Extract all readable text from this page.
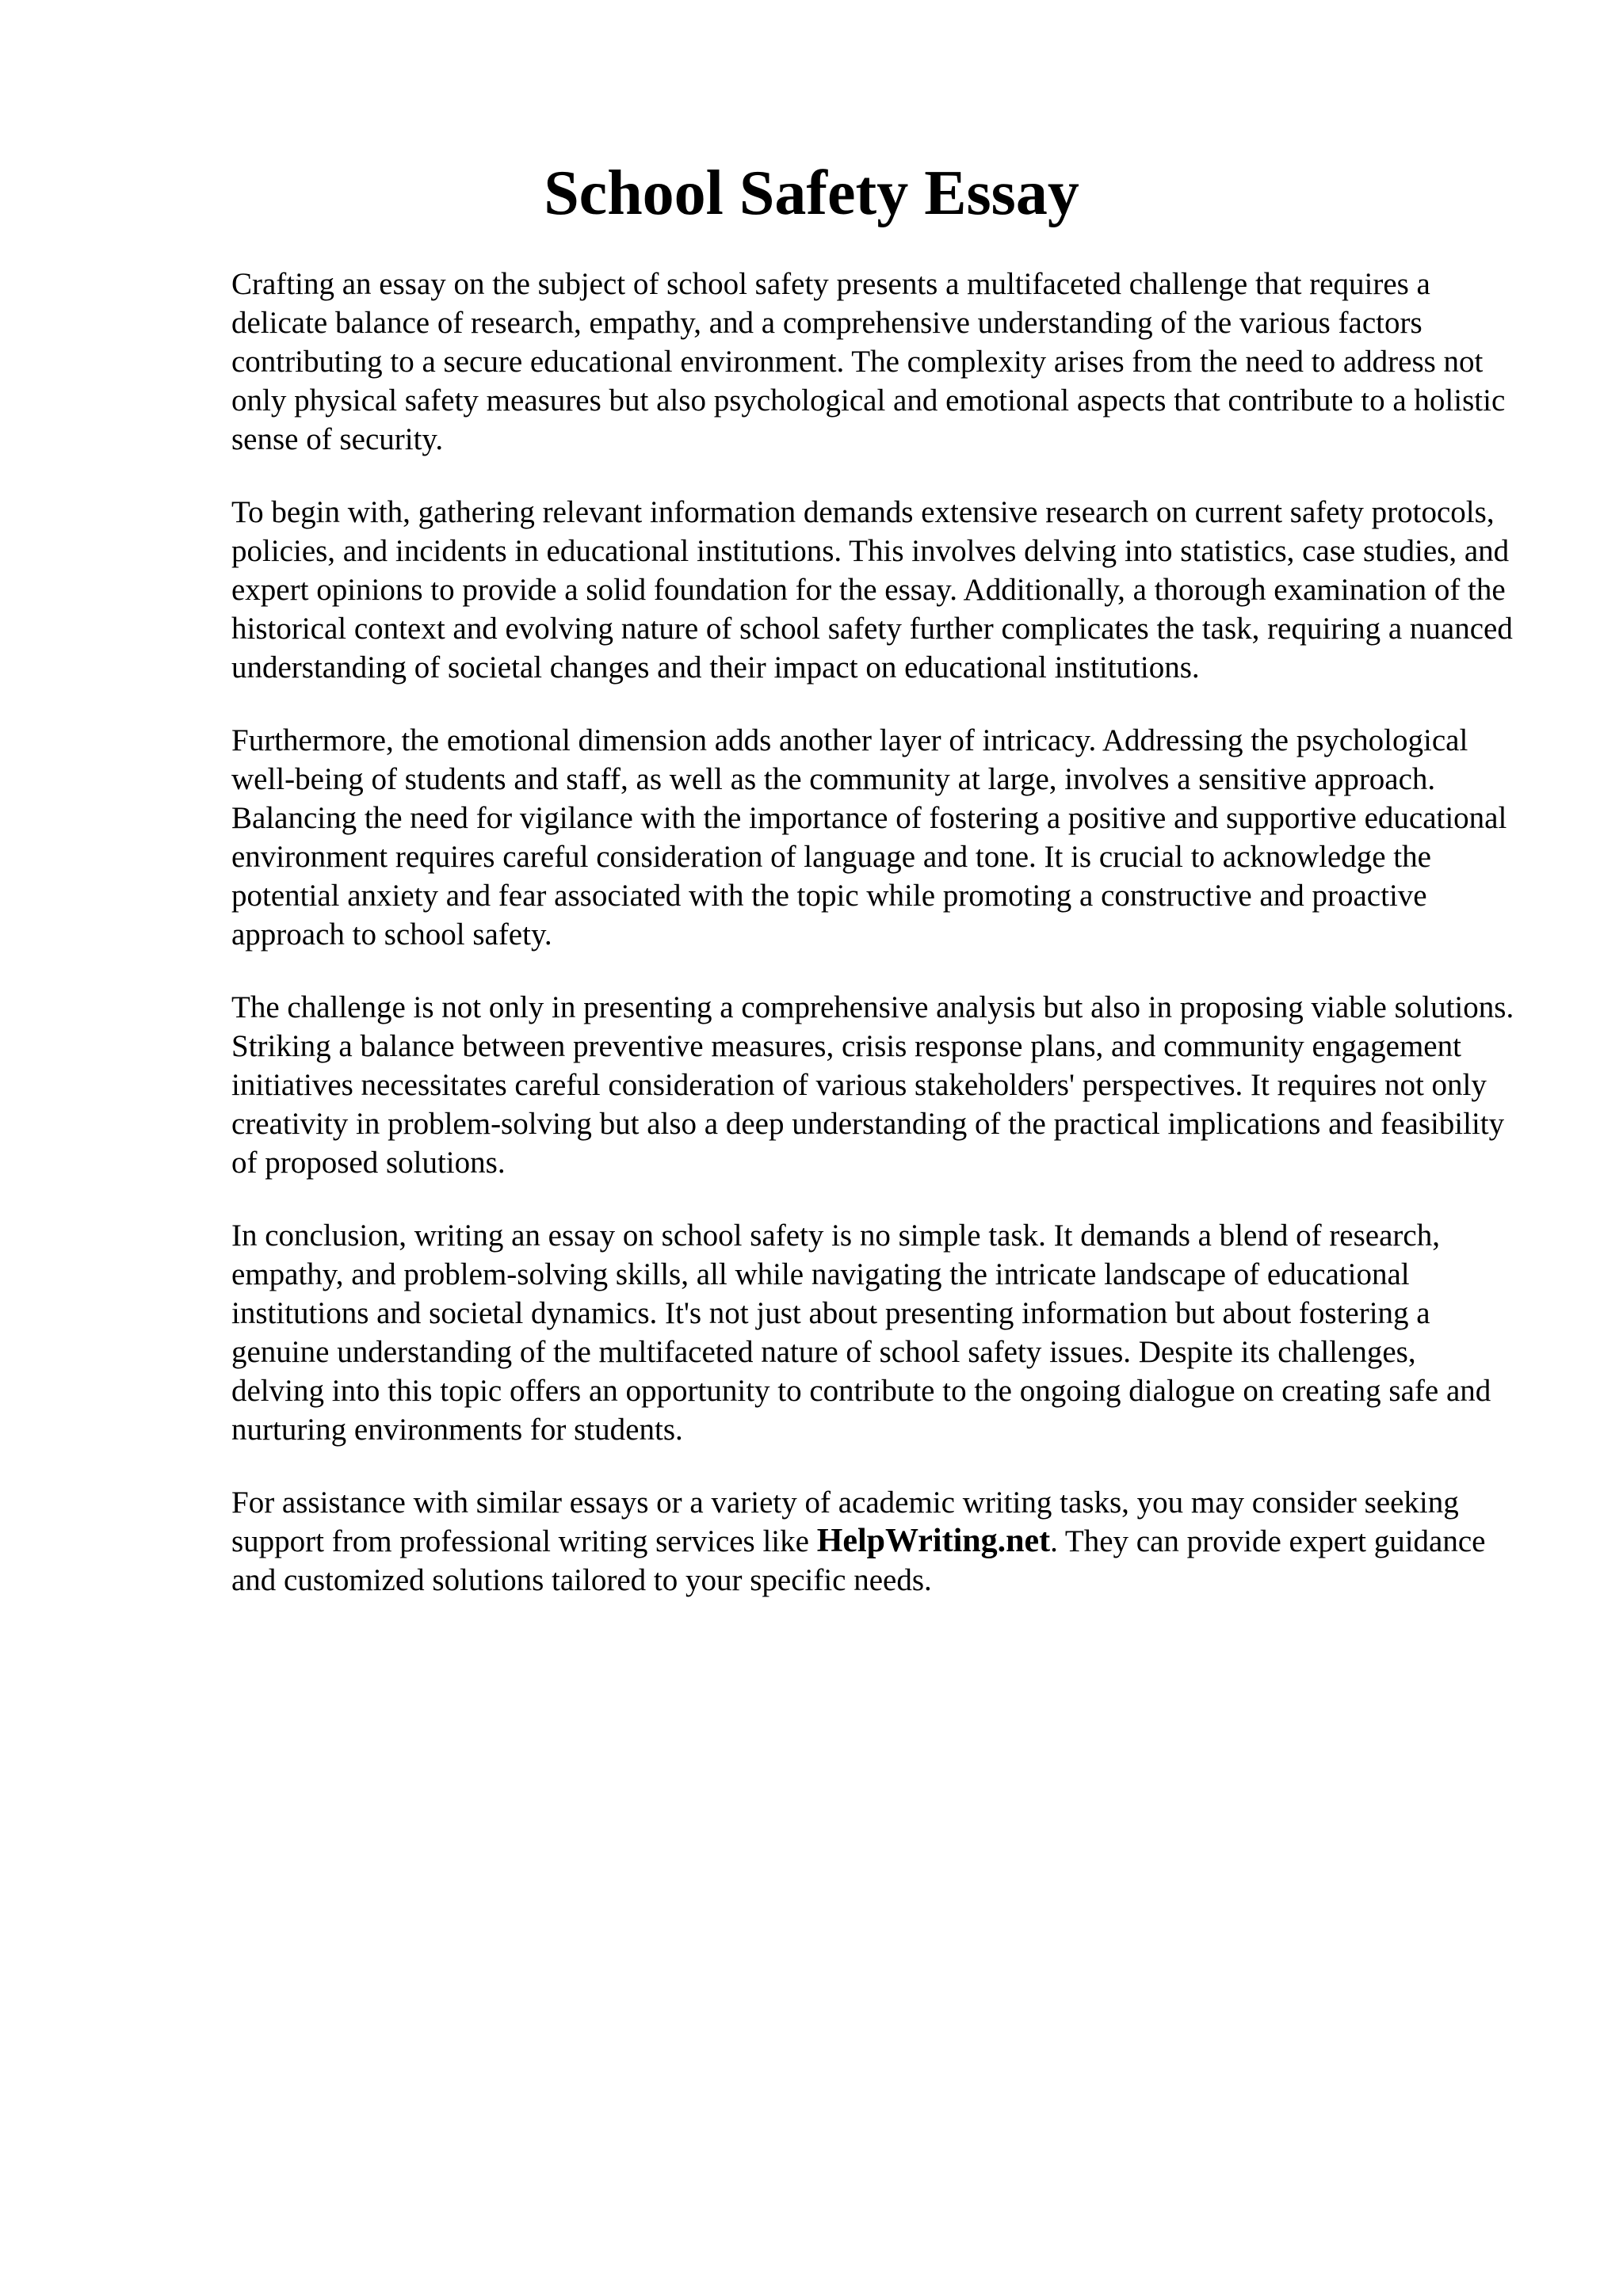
School Safety Essay

Crafting an essay on the subject of school safety presents a multifaceted challenge that requires a delicate balance of research, empathy, and a comprehensive understanding of the various factors contributing to a secure educational environment. The complexity arises from the need to address not only physical safety measures but also psychological and emotional aspects that contribute to a holistic sense of security.

To begin with, gathering relevant information demands extensive research on current safety protocols, policies, and incidents in educational institutions. This involves delving into statistics, case studies, and expert opinions to provide a solid foundation for the essay. Additionally, a thorough examination of the historical context and evolving nature of school safety further complicates the task, requiring a nuanced understanding of societal changes and their impact on educational institutions.

Furthermore, the emotional dimension adds another layer of intricacy. Addressing the psychological well-being of students and staff, as well as the community at large, involves a sensitive approach. Balancing the need for vigilance with the importance of fostering a positive and supportive educational environment requires careful consideration of language and tone. It is crucial to acknowledge the potential anxiety and fear associated with the topic while promoting a constructive and proactive approach to school safety.

The challenge is not only in presenting a comprehensive analysis but also in proposing viable solutions. Striking a balance between preventive measures, crisis response plans, and community engagement initiatives necessitates careful consideration of various stakeholders' perspectives. It requires not only creativity in problem-solving but also a deep understanding of the practical implications and feasibility of proposed solutions.

In conclusion, writing an essay on school safety is no simple task. It demands a blend of research, empathy, and problem-solving skills, all while navigating the intricate landscape of educational institutions and societal dynamics. It's not just about presenting information but about fostering a genuine understanding of the multifaceted nature of school safety issues. Despite its challenges, delving into this topic offers an opportunity to contribute to the ongoing dialogue on creating safe and nurturing environments for students.

For assistance with similar essays or a variety of academic writing tasks, you may consider seeking support from professional writing services like HelpWriting.net. They can provide expert guidance and customized solutions tailored to your specific needs.
